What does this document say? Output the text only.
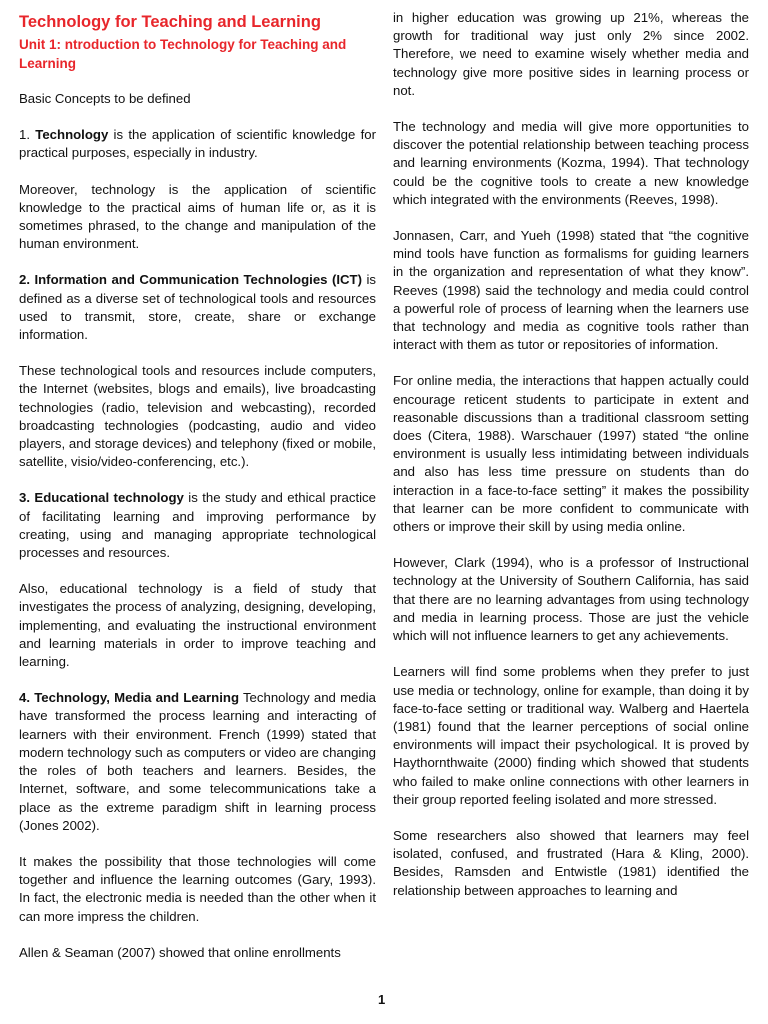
Technology for Teaching and Learning
Unit 1: ntroduction to Technology for Teaching and Learning

Basic Concepts to be defined

1. Technology is the application of scientific knowledge for practical purposes, especially in industry.

Moreover, technology is the application of scientific knowledge to the practical aims of human life or, as it is sometimes phrased, to the change and manipulation of the human environment.

2. Information and Communication Technologies (ICT) is defined as a diverse set of technological tools and resources used to transmit, store, create, share or exchange information.

These technological tools and resources include computers, the Internet (websites, blogs and emails), live broadcasting technologies (radio, television and webcasting), recorded broadcasting technologies (podcasting, audio and video players, and storage devices) and telephony (fixed or mobile, satellite, visio/video-conferencing, etc.).

3. Educational technology is the study and ethical practice of facilitating learning and improving performance by creating, using and managing appropriate technological processes and resources.

Also, educational technology is a field of study that investigates the process of analyzing, designing, developing, implementing, and evaluating the instructional environment and learning materials in order to improve teaching and learning.

4. Technology, Media and Learning Technology and media have transformed the process learning and interacting of learners with their environment. French (1999) stated that modern technology such as computers or video are changing the roles of both teachers and learners. Besides, the Internet, software, and some telecommunications take a place as the extreme paradigm shift in learning process (Jones 2002).

It makes the possibility that those technologies will come together and influence the learning outcomes (Gary, 1993). In fact, the electronic media is needed than the other when it can more impress the children.

Allen & Seaman (2007) showed that online enrollments

in higher education was growing up 21%, whereas the growth for traditional way just only 2% since 2002. Therefore, we need to examine wisely whether media and technology give more positive sides in learning process or not.

The technology and media will give more opportunities to discover the potential relationship between teaching process and learning environments (Kozma, 1994). That technology could be the cognitive tools to create a new knowledge which integrated with the environments (Reeves, 1998).

Jonnasen, Carr, and Yueh (1998) stated that “the cognitive mind tools have function as formalisms for guiding learners in the organization and representation of what they know”. Reeves (1998) said the technology and media could control a powerful role of process of learning when the learners use that technology and media as cognitive tools rather than interact with them as tutor or repositories of information.

For online media, the interactions that happen actually could encourage reticent students to participate in extent and reasonable discussions than a traditional classroom setting does (Citera, 1988). Warschauer (1997) stated “the online environment is usually less intimidating between individuals and also has less time pressure on students than do interaction in a face-to-face setting” it makes the possibility that learner can be more confident to communicate with others or improve their skill by using media online.

However, Clark (1994), who is a professor of Instructional technology at the University of Southern California, has said that there are no learning advantages from using technology and media in learning process. Those are just the vehicle which will not influence learners to get any achievements.

Learners will find some problems when they prefer to just use media or technology, online for example, than doing it by face-to-face setting or traditional way. Walberg and Haertela (1981) found that the learner perceptions of social online environments will impact their psychological. It is proved by Haythornthwaite (2000) finding which showed that students who failed to make online connections with other learners in their group reported feeling isolated and more stressed.

Some researchers also showed that learners may feel isolated, confused, and frustrated (Hara & Kling, 2000). Besides, Ramsden and Entwistle (1981) identified the relationship between approaches to learning and

1
